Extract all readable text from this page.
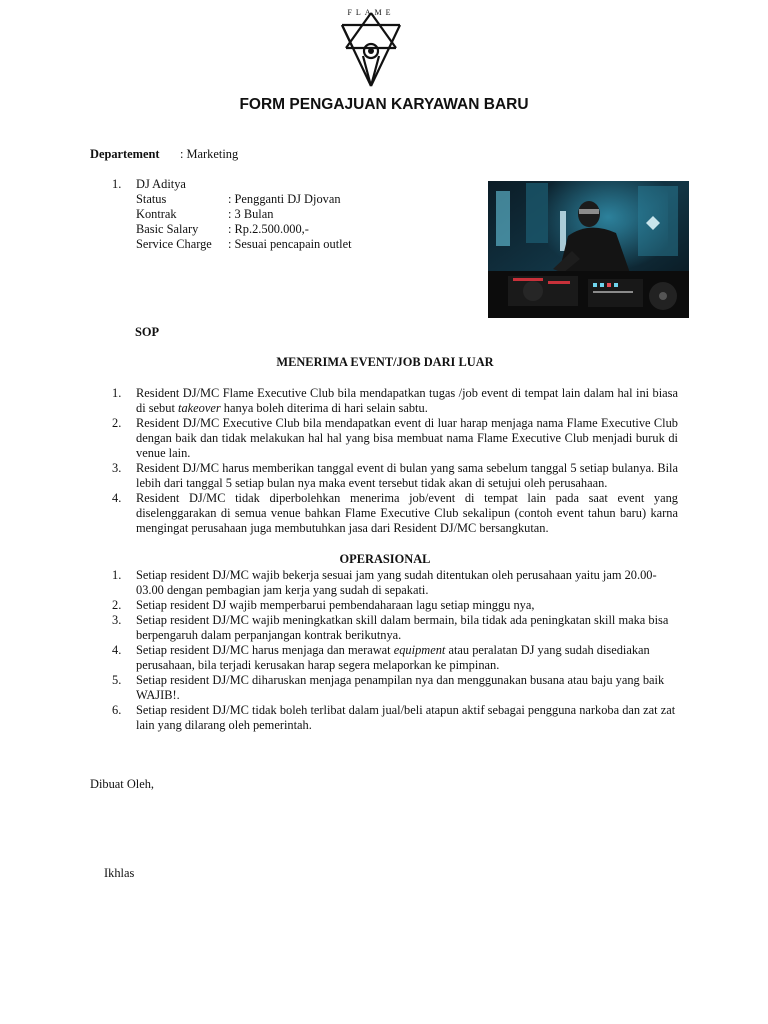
FLAME
FORM PENGAJUAN KARYAWAN BARU
Departement : Marketing
1. DJ Aditya
Status	: Pengganti DJ Djovan
Kontrak	: 3 Bulan
Basic Salary : Rp.2.500.000,-
Service Charge : Sesuai pencapain outlet
SOP
MENERIMA EVENT/JOB DARI LUAR
1. Resident DJ/MC Flame Executive Club bila mendapatkan tugas /job event di tempat lain dalam hal ini biasa di sebut takeover hanya boleh diterima di hari selain sabtu.
2. Resident DJ/MC Executive Club bila mendapatkan event di luar harap menjaga nama Flame Executive Club dengan baik dan tidak melakukan hal hal yang bisa membuat nama Flame Executive Club menjadi buruk di venue lain.
3. Resident DJ/MC harus memberikan tanggal event di bulan yang sama sebelum tanggal 5 setiap bulanya. Bila lebih dari tanggal 5 setiap bulan nya maka event tersebut tidak akan di setujui oleh perusahaan.
4. Resident DJ/MC tidak diperbolehkan menerima job/event di tempat lain pada saat event yang diselenggarakan di semua venue bahkan Flame Executive Club sekalipun (contoh event tahun baru) karna mengingat perusahaan juga membutuhkan jasa dari Resident DJ/MC bersangkutan.
OPERASIONAL
1. Setiap resident DJ/MC wajib bekerja sesuai jam yang sudah ditentukan oleh perusahaan yaitu jam 20.00-03.00 dengan pembagian jam kerja yang sudah di sepakati.
2. Setiap resident DJ wajib memperbarui pembendaharaan lagu setiap minggu nya,
3. Setiap resident DJ/MC wajib meningkatkan skill dalam bermain, bila tidak ada peningkatan skill maka bisa berpengaruh dalam perpanjangan kontrak berikutnya.
4. Setiap resident DJ/MC harus menjaga dan merawat equipment atau peralatan DJ yang sudah disediakan perusahaan, bila terjadi kerusakan harap segera melaporkan ke pimpinan.
5. Setiap resident DJ/MC diharuskan menjaga penampilan nya dan menggunakan busana atau baju yang baik WAJIB!.
6. Setiap resident DJ/MC tidak boleh terlibat dalam jual/beli atapun aktif sebagai pengguna narkoba dan zat zat lain yang dilarang oleh pemerintah.
Dibuat Oleh,
Ikhlas
